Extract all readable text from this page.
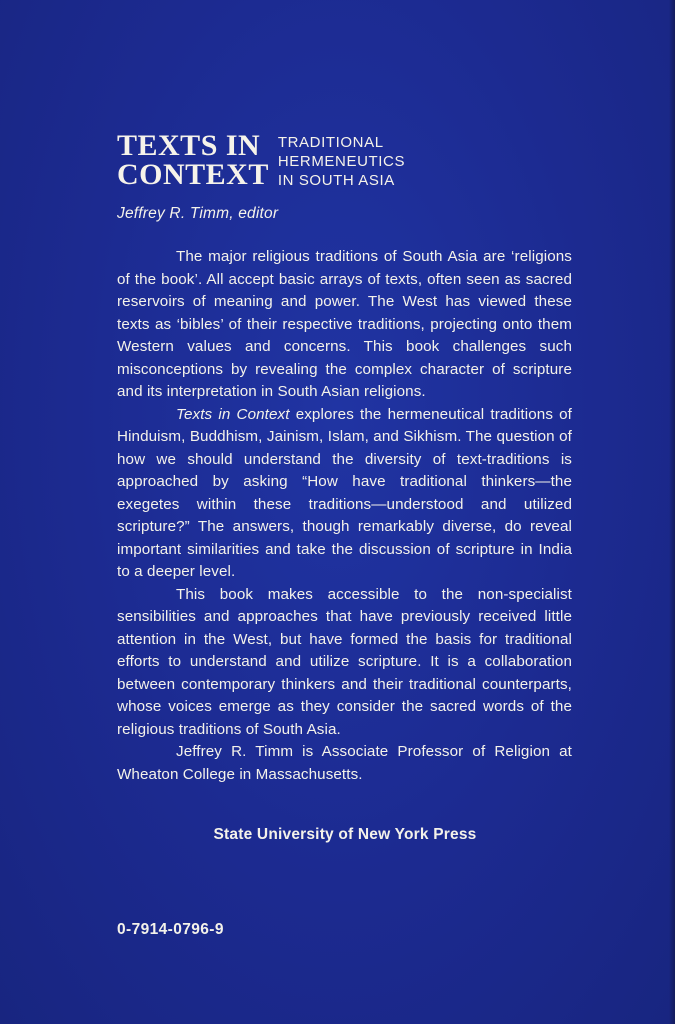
TEXTS IN
CONTEXT
TRADITIONAL
HERMENEUTICS
IN SOUTH ASIA
Jeffrey R. Timm, editor

The major religious traditions of South Asia are ‘religions of the book’. All accept basic arrays of texts, often seen as sacred reservoirs of meaning and power. The West has viewed these texts as ‘bibles’ of their respective traditions, projecting onto them Western values and concerns. This book challenges such misconceptions by revealing the complex character of scripture and its interpretation in South Asian religions.

Texts in Context explores the hermeneutical traditions of Hinduism, Buddhism, Jainism, Islam, and Sikhism. The question of how we should understand the diversity of text-traditions is approached by asking “How have traditional thinkers—the exegetes within these traditions—understood and utilized scripture?” The answers, though remarkably diverse, do reveal important similarities and take the discussion of scripture in India to a deeper level.

This book makes accessible to the non-specialist sensibilities and approaches that have previously received little attention in the West, but have formed the basis for traditional efforts to understand and utilize scripture. It is a collaboration between contemporary thinkers and their traditional counterparts, whose voices emerge as they consider the sacred words of the religious traditions of South Asia.

Jeffrey R. Timm is Associate Professor of Religion at Wheaton College in Massachusetts.

State University of New York Press
0-7914-0796-9
